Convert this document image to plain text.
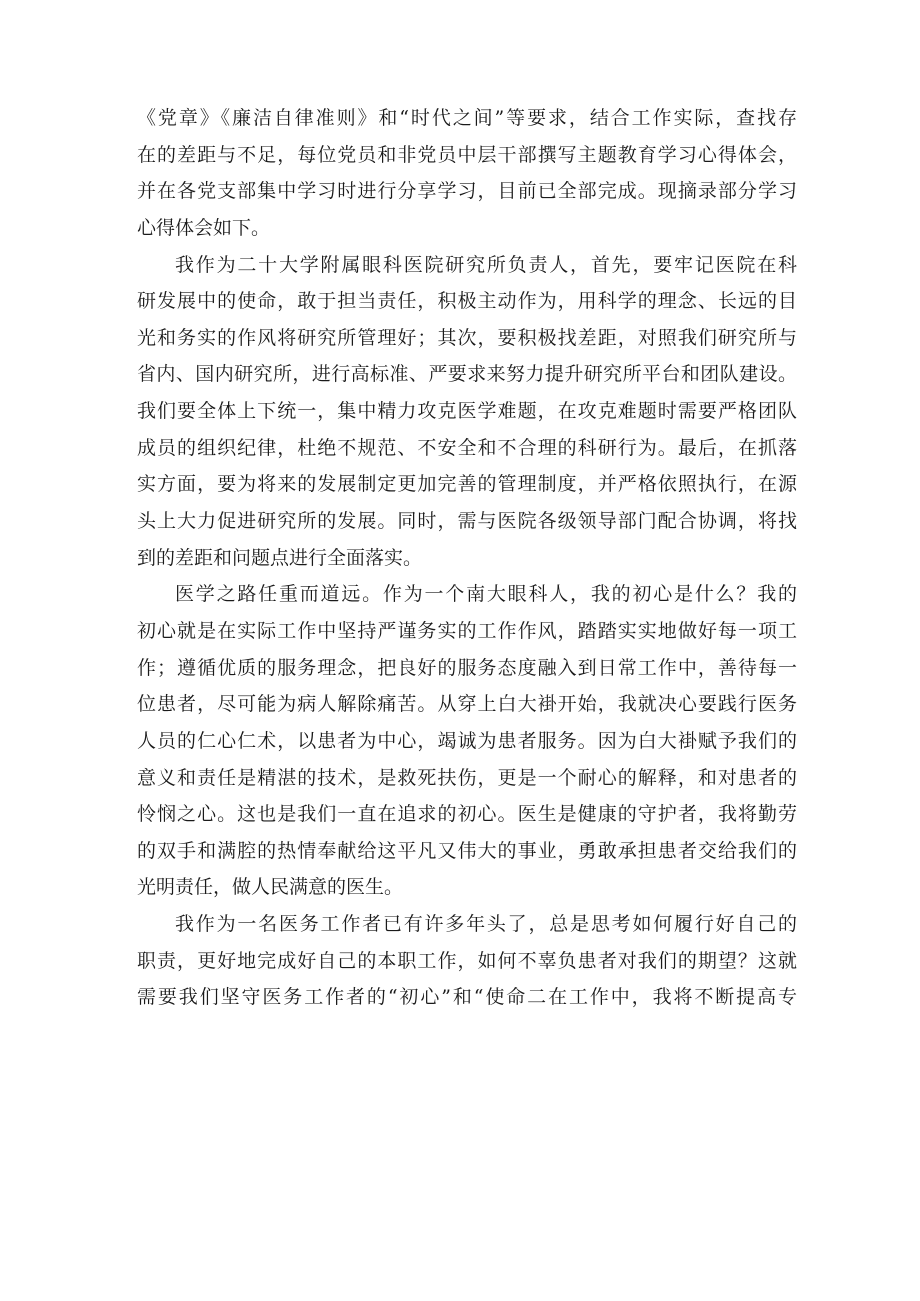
《党章》《廉洁自律准则》和“时代之间”等要求，结合工作实际，查找存
在的差距与不足，每位党员和非党员中层干部撰写主题教育学习心得体会，
并在各党支部集中学习时进行分享学习，目前已全部完成。现摘录部分学习
心得体会如下。
我作为二十大学附属眼科医院研究所负责人，首先，要牢记医院在科
研发展中的使命，敢于担当责任，积极主动作为，用科学的理念、长远的目
光和务实的作风将研究所管理好；其次，要积极找差距，对照我们研究所与
省内、国内研究所，进行高标准、严要求来努力提升研究所平台和团队建设。
我们要全体上下统一，集中精力攻克医学难题，在攻克难题时需要严格团队
成员的组织纪律，杜绝不规范、不安全和不合理的科研行为。最后，在抓落
实方面，要为将来的发展制定更加完善的管理制度，并严格依照执行，在源
头上大力促进研究所的发展。同时，需与医院各级领导部门配合协调，将找
到的差距和问题点进行全面落实。
医学之路任重而道远。作为一个南大眼科人，我的初心是什么？我的
初心就是在实际工作中坚持严谨务实的工作作风，踏踏实实地做好每一项工
作；遵循优质的服务理念，把良好的服务态度融入到日常工作中，善待每一
位患者，尽可能为病人解除痛苦。从穿上白大褂开始，我就决心要践行医务
人员的仁心仁术，以患者为中心，竭诚为患者服务。因为白大褂赋予我们的
意义和责任是精湛的技术，是救死扶伤，更是一个耐心的解释，和对患者的
怜悯之心。这也是我们一直在追求的初心。医生是健康的守护者，我将勤劳
的双手和满腔的热情奉献给这平凡又伟大的事业，勇敢承担患者交给我们的
光明责任，做人民满意的医生。
我作为一名医务工作者已有许多年头了，总是思考如何履行好自己的
职责，更好地完成好自己的本职工作，如何不辜负患者对我们的期望？这就
需要我们坚守医务工作者的“初心”和“使命二在工作中，我将不断提高专
